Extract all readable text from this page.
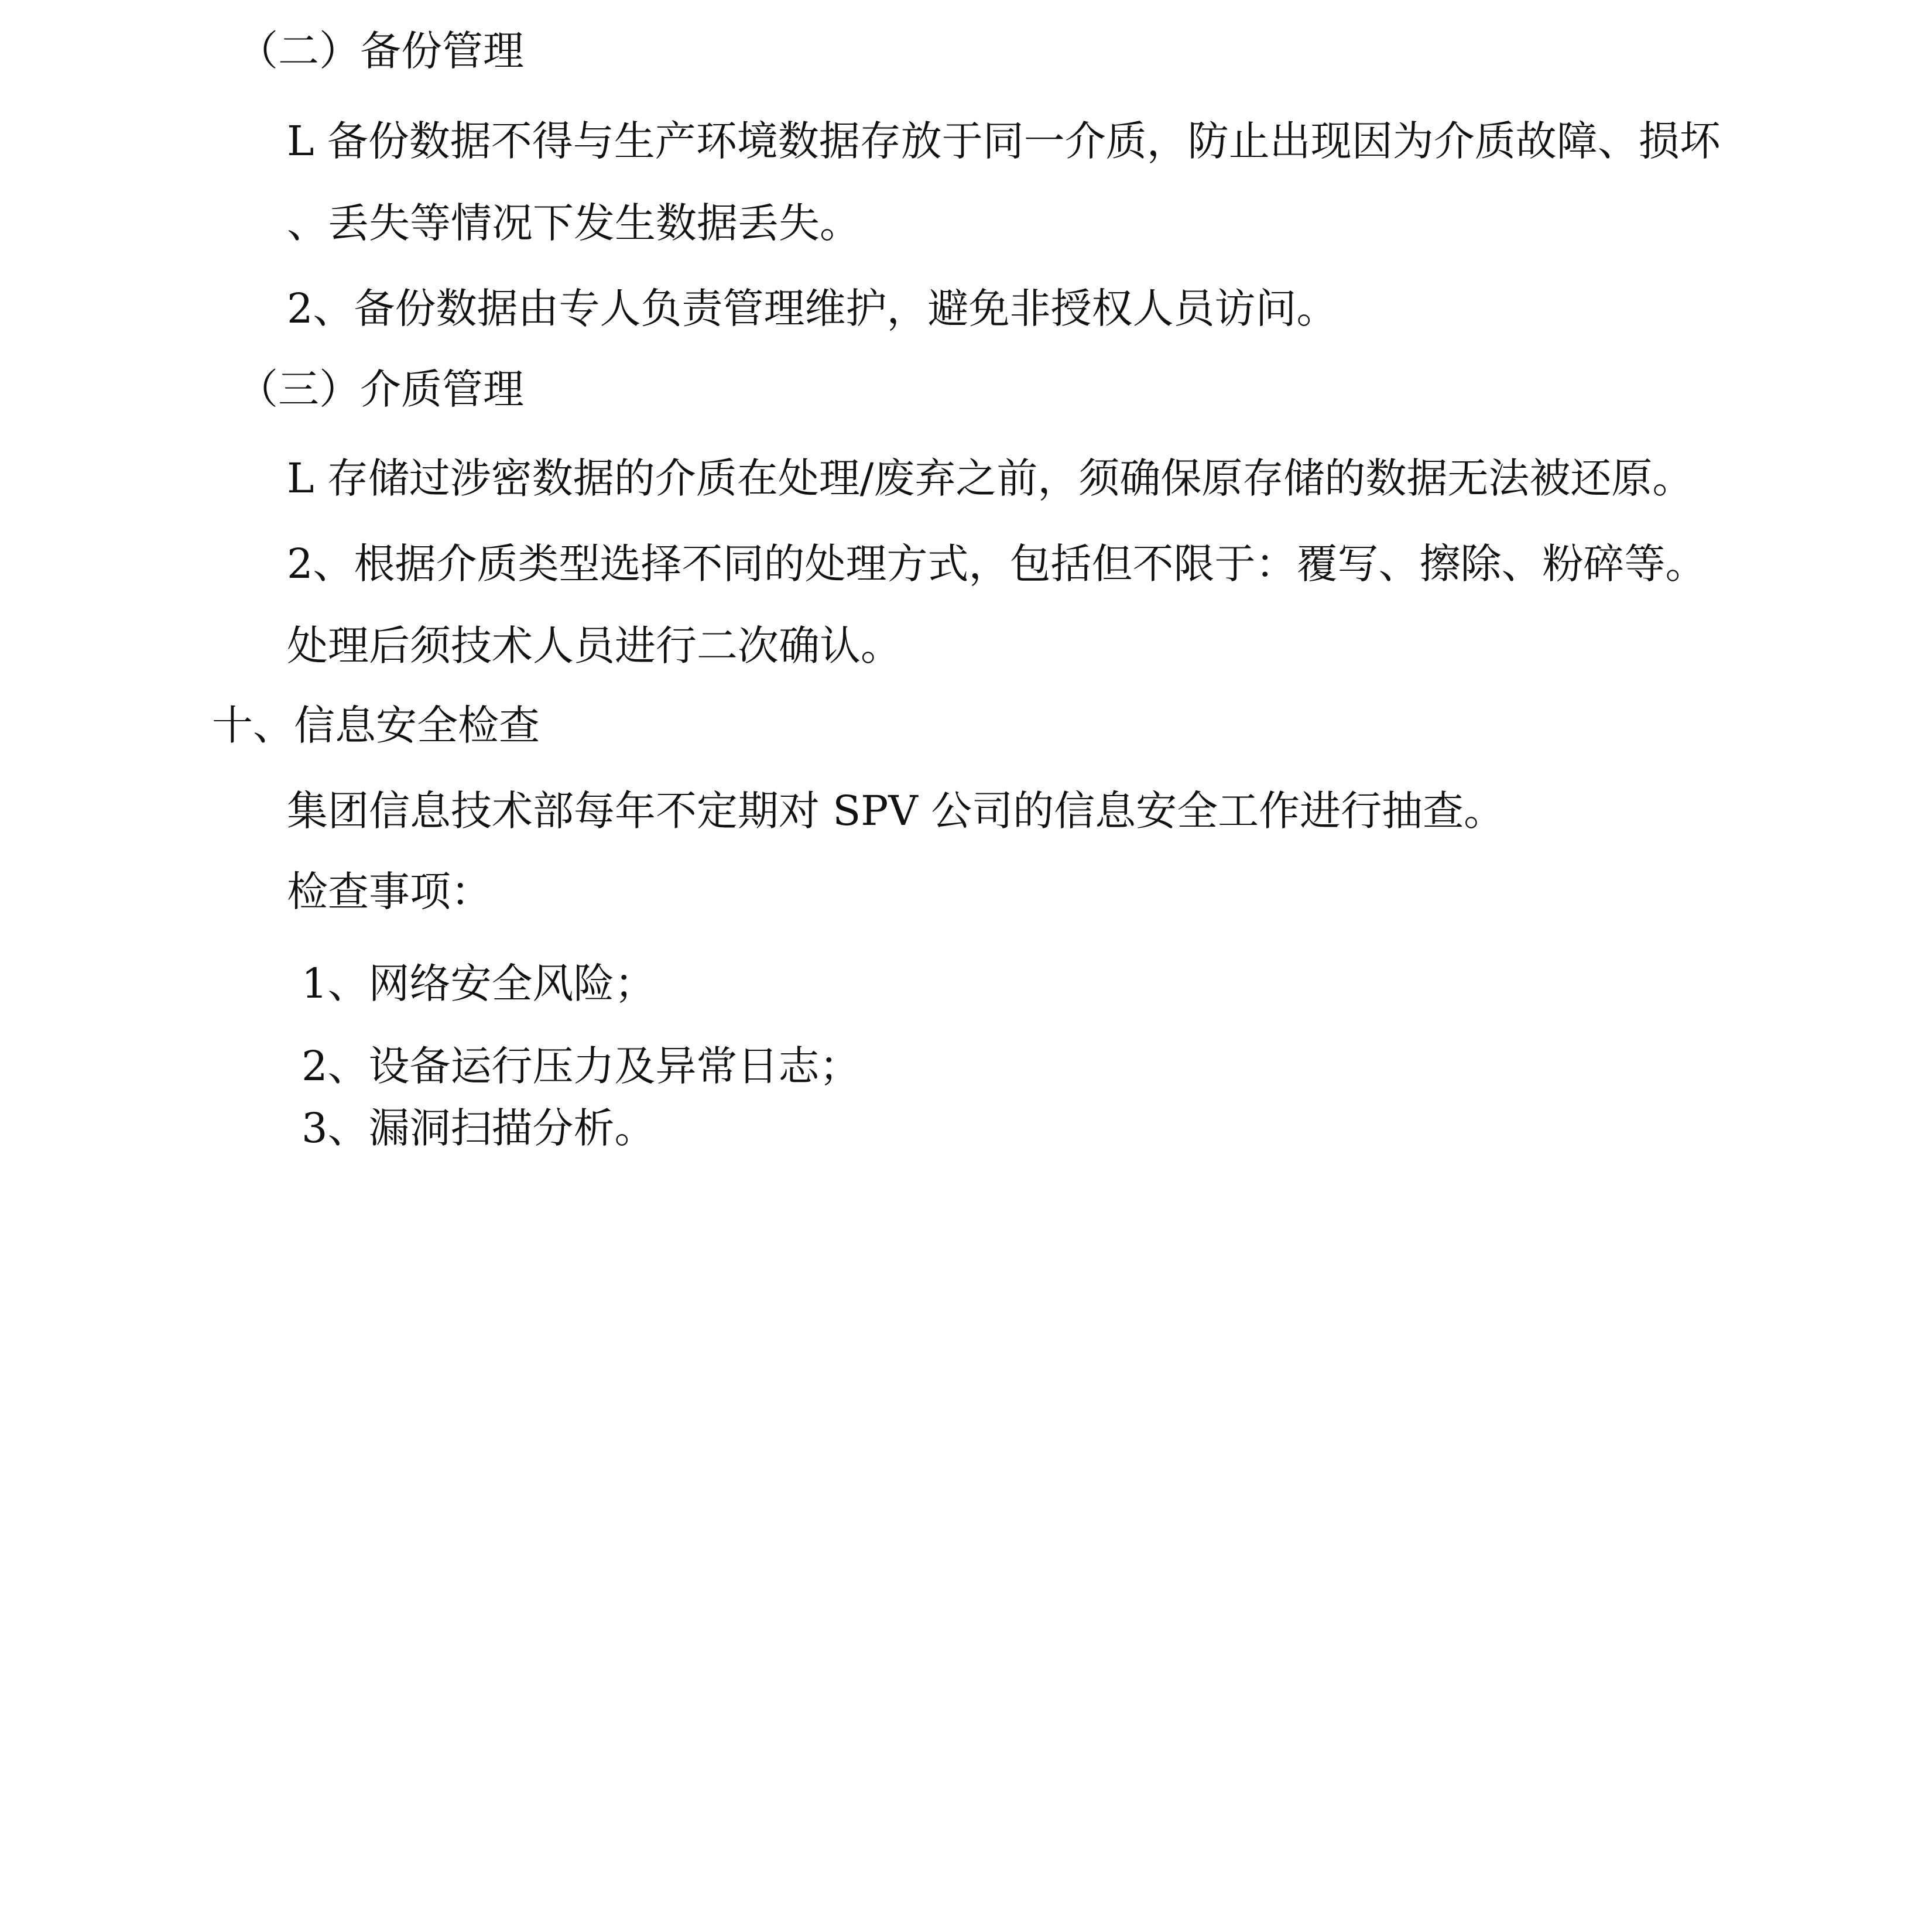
（二）备份管理

L 备份数据不得与生产环境数据存放于同一介质，防止出现因为介质故障、损坏

、丢失等情况下发生数据丢失。

2、备份数据由专人负责管理维护，避免非授权人员访问。

（三）介质管理

L 存储过涉密数据的介质在处理/废弃之前，须确保原存储的数据无法被还原。

2、根据介质类型选择不同的处理方式，包括但不限于：覆写、擦除、粉碎等。

处理后须技术人员进行二次确认。

十、信息安全检查

集团信息技术部每年不定期对 SPV 公司的信息安全工作进行抽查。

检查事项：

1、网络安全风险；

2、设备运行压力及异常日志；

3、漏洞扫描分析。
